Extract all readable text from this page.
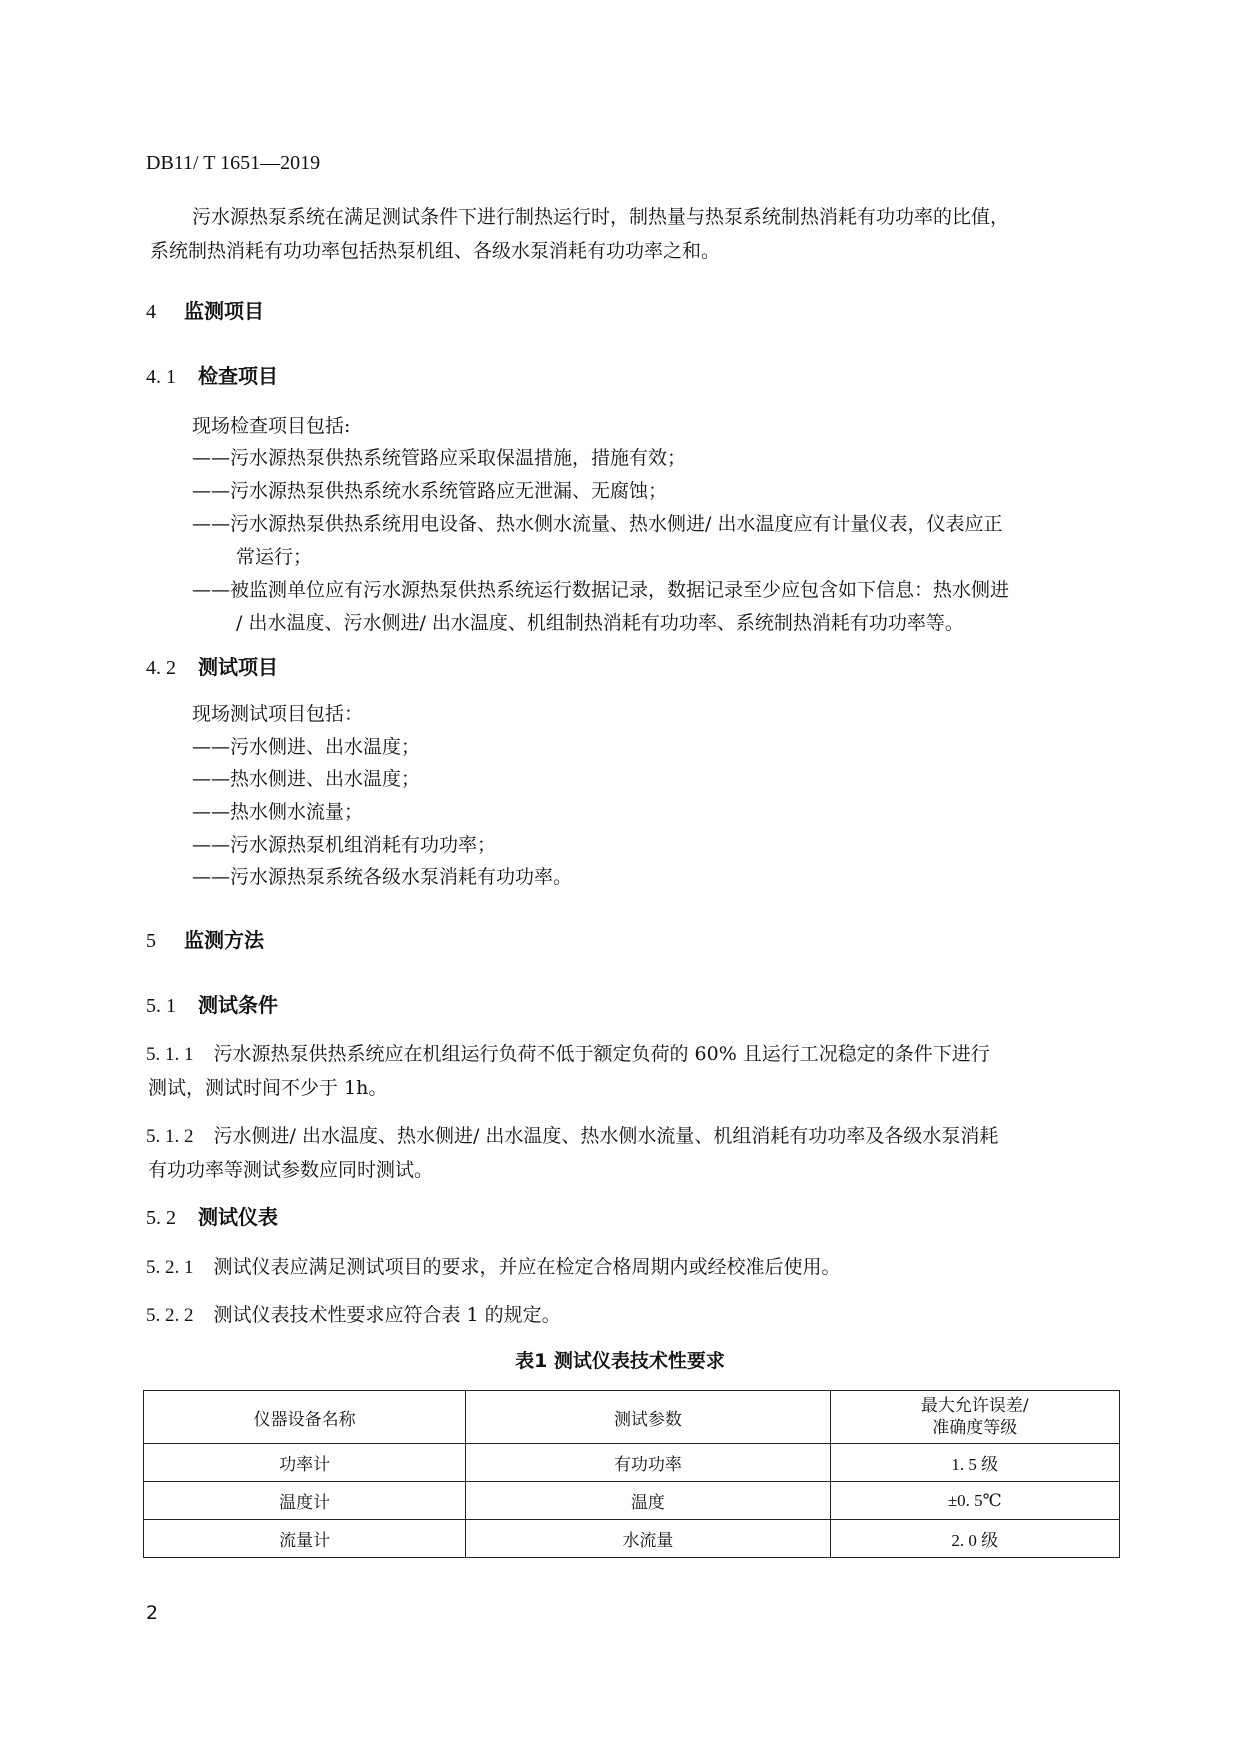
DB11/ T 1651—2019
污水源热泵系统在满足测试条件下进行制热运行时，制热量与热泵系统制热消耗有功功率的比值，
系统制热消耗有功功率包括热泵机组、各级水泵消耗有功功率之和。
4 监测项目
4. 1 检查项目
现场检查项目包括:
——污水源热泵供热系统管路应采取保温措施，措施有效；
——污水源热泵供热系统水系统管路应无泄漏、无腐蚀；
——污水源热泵供热系统用电设备、热水侧水流量、热水侧进/ 出水温度应有计量仪表，仪表应正
常运行；
——被监测单位应有污水源热泵供热系统运行数据记录，数据记录至少应包含如下信息：热水侧进
/ 出水温度、污水侧进/ 出水温度、机组制热消耗有功功率、系统制热消耗有功功率等。
4. 2 测试项目
现场测试项目包括：
——污水侧进、出水温度；
——热水侧进、出水温度；
——热水侧水流量；
——污水源热泵机组消耗有功功率；
——污水源热泵系统各级水泵消耗有功功率。
5 监测方法
5. 1 测试条件
5. 1. 1 污水源热泵供热系统应在机组运行负荷不低于额定负荷的 60% 且运行工况稳定的条件下进行
测试，测试时间不少于 1h。
5. 1. 2 污水侧进/ 出水温度、热水侧进/ 出水温度、热水侧水流量、机组消耗有功功率及各级水泵消耗
有功功率等测试参数应同时测试。
5. 2 测试仪表
5. 2. 1 测试仪表应满足测试项目的要求，并应在检定合格周期内或经校准后使用。
5. 2. 2 测试仪表技术性要求应符合表 1 的规定。
表1 测试仪表技术性要求
仪器设备名称	测试参数	最大允许误差/
准确度等级

功率计	有功功率	1. 5 级
温度计	温度	±0. 5℃
流量计	水流量	2. 0 级
2
